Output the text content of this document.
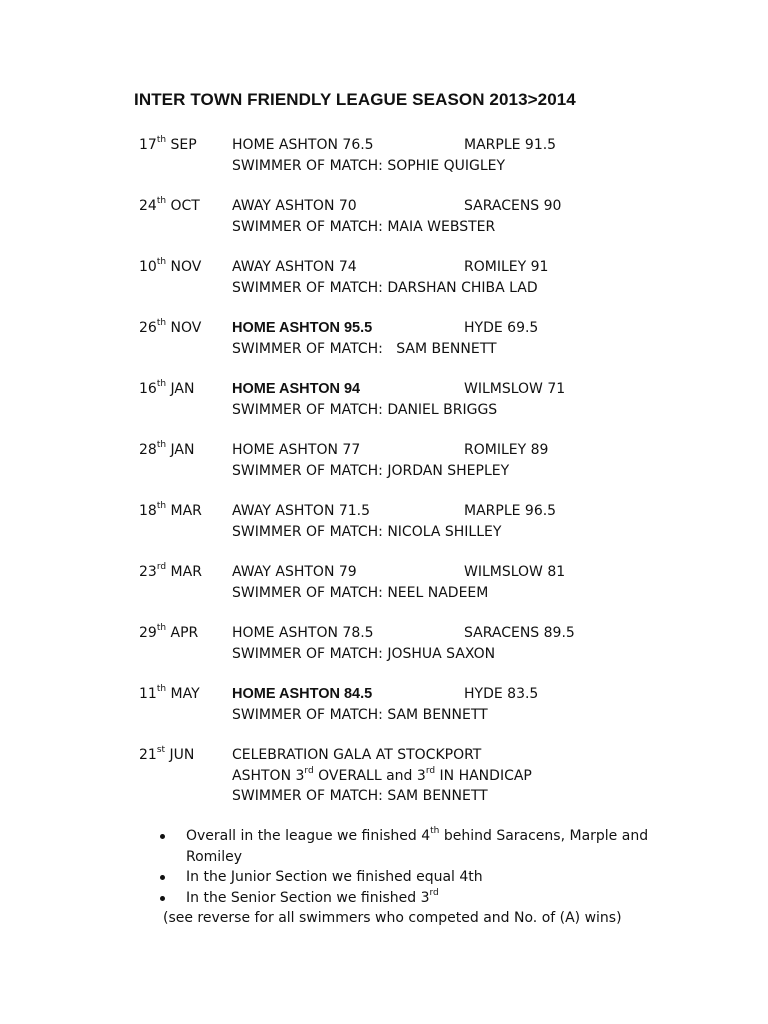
INTER TOWN FRIENDLY LEAGUE SEASON 2013>2014
17th SEP	HOME ASHTON 76.5	MARPLE 91.5
SWIMMER OF MATCH: SOPHIE QUIGLEY
24th OCT AWAY ASHTON 70	SARACENS 90
SWIMMER OF MATCH: MAIA WEBSTER
10th NOV AWAY ASHTON 74	ROMILEY 91
SWIMMER OF MATCH: DARSHAN CHIBA LAD
26th NOV HOME ASHTON 95.5	HYDE 69.5
SWIMMER OF MATCH:   SAM BENNETT
16th JAN	HOME ASHTON 94	WILMSLOW 71
SWIMMER OF MATCH: DANIEL BRIGGS
28th JAN	HOME ASHTON 77	ROMILEY 89
SWIMMER OF MATCH: JORDAN SHEPLEY
18th MAR AWAY ASHTON 71.5	MARPLE 96.5
SWIMMER OF MATCH: NICOLA SHILLEY
23rd MAR AWAY ASHTON 79	WILMSLOW 81
SWIMMER OF MATCH: NEEL NADEEM
29th APR HOME ASHTON 78.5	SARACENS 89.5
SWIMMER OF MATCH: JOSHUA SAXON
11th MAY HOME ASHTON 84.5	HYDE 83.5
SWIMMER OF MATCH: SAM BENNETT
21st JUN	CELEBRATION GALA AT STOCKPORT
ASHTON 3rd OVERALL and 3rd IN HANDICAP
SWIMMER OF MATCH: SAM BENNETT
Overall in the league we finished 4th behind Saracens, Marple and
Romiley
In the Junior Section we finished equal 4th
In the Senior Section we finished 3rd
(see reverse for all swimmers who competed and No. of (A) wins)
